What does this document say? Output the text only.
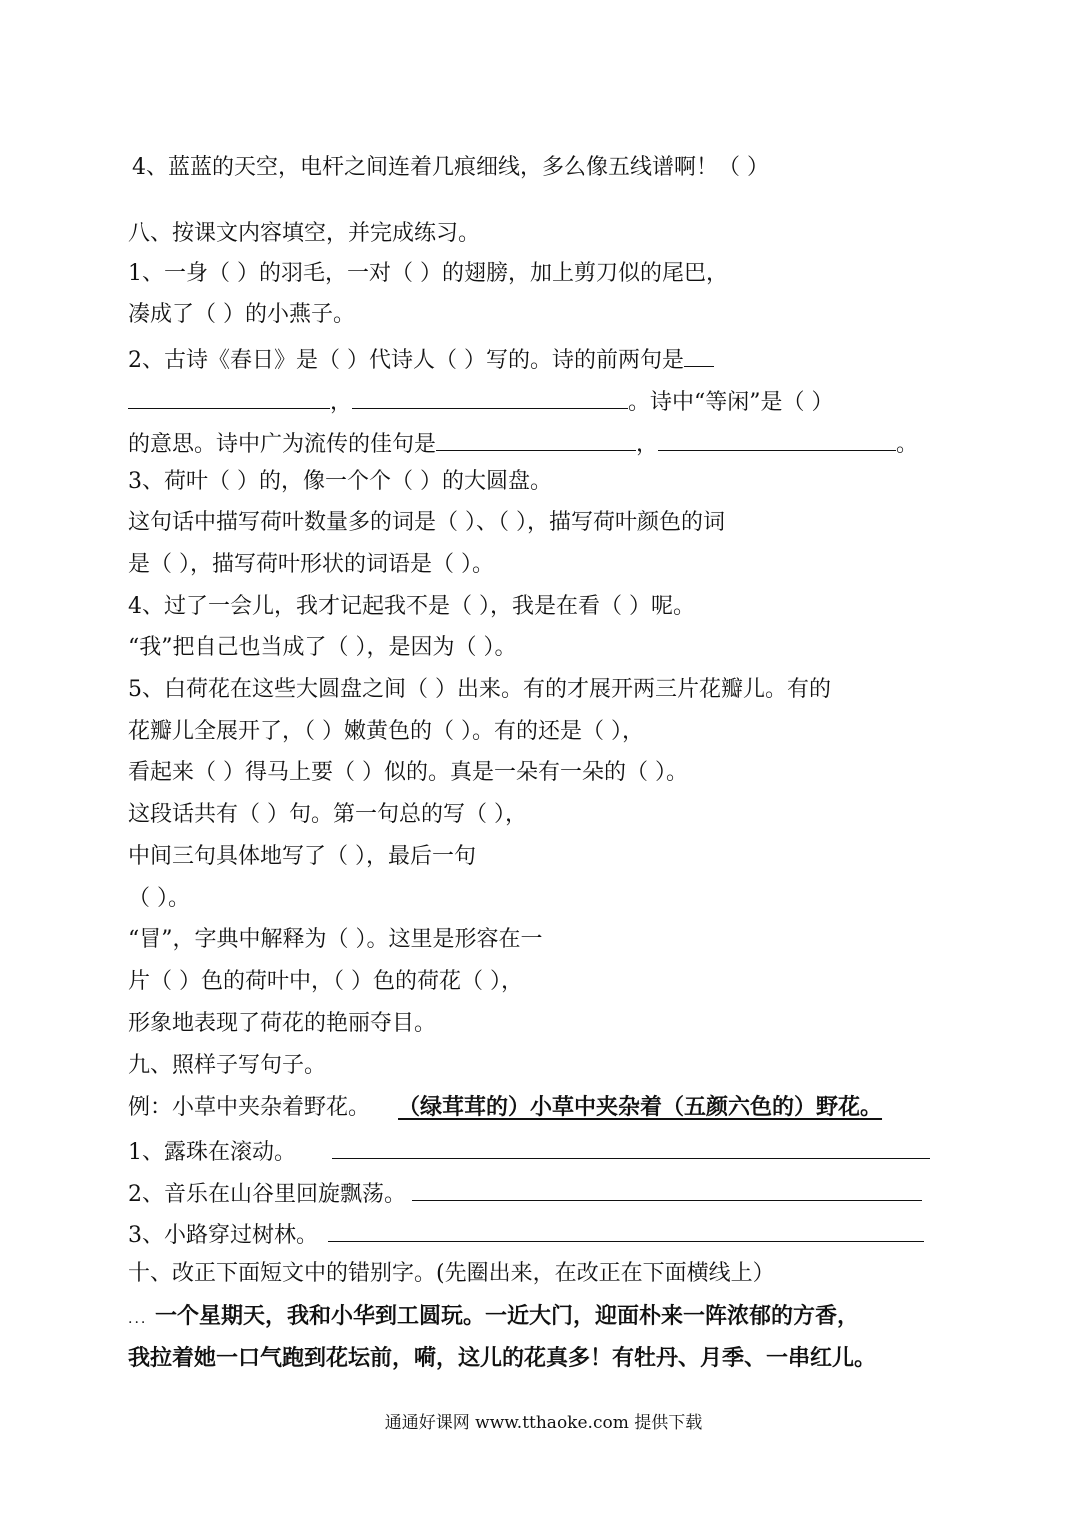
4、蓝蓝的天空，电杆之间连着几痕细线，多么像五线谱啊！（ ）
八、按课文内容填空，并完成练习。
1、一身（ ）的羽毛，一对（ ）的翅膀，加上剪刀似的尾巴，
凑成了（ ）的小燕子。
2、古诗《春日》是（ ）代诗人（ ）写的。诗的前两句是
，	。诗中“等闲”是（ ）
的意思。诗中广为流传的佳句是	，	。
3、荷叶（ ）的，像一个个（ ）的大圆盘。
这句话中描写荷叶数量多的词是（ ）、（ ），描写荷叶颜色的词
是（ ），描写荷叶形状的词语是（ ）。
4、过了一会儿，我才记起我不是（ ），我是在看（ ）呢。
“我”把自己也当成了（ ），是因为（ ）。
5、白荷花在这些大圆盘之间（ ）出来。有的才展开两三片花瓣儿。有的
花瓣儿全展开了，（ ）嫩黄色的（ ）。有的还是（ ），
看起来（ ）得马上要（ ）似的。真是一朵有一朵的（ ）。
这段话共有（ ）句。第一句总的写（ ），
中间三句具体地写了（ ），最后一句
（ ）。
“冒”，字典中解释为（ ）。这里是形容在一
片（ ）色的荷叶中，（ ）色的荷花（ ），
形象地表现了荷花的艳丽夺目。
九、照样子写句子。
例：小草中夹杂着野花。 （绿茸茸的）小草中夹杂着（五颜六色的）野花。
1、露珠在滚动。
2、音乐在山谷里回旋飘荡。
3、小路穿过树林。
十、改正下面短文中的错别字。(先圈出来，在改正在下面横线上）
... 一个星期天，我和小华到工圆玩。一近大门，迎面朴来一阵浓郁的方香，
我拉着她一口气跑到花坛前，嗬，这儿的花真多！有牡丹、月季、一串红儿。
通通好课网 www.tthaoke.com 提供下载
